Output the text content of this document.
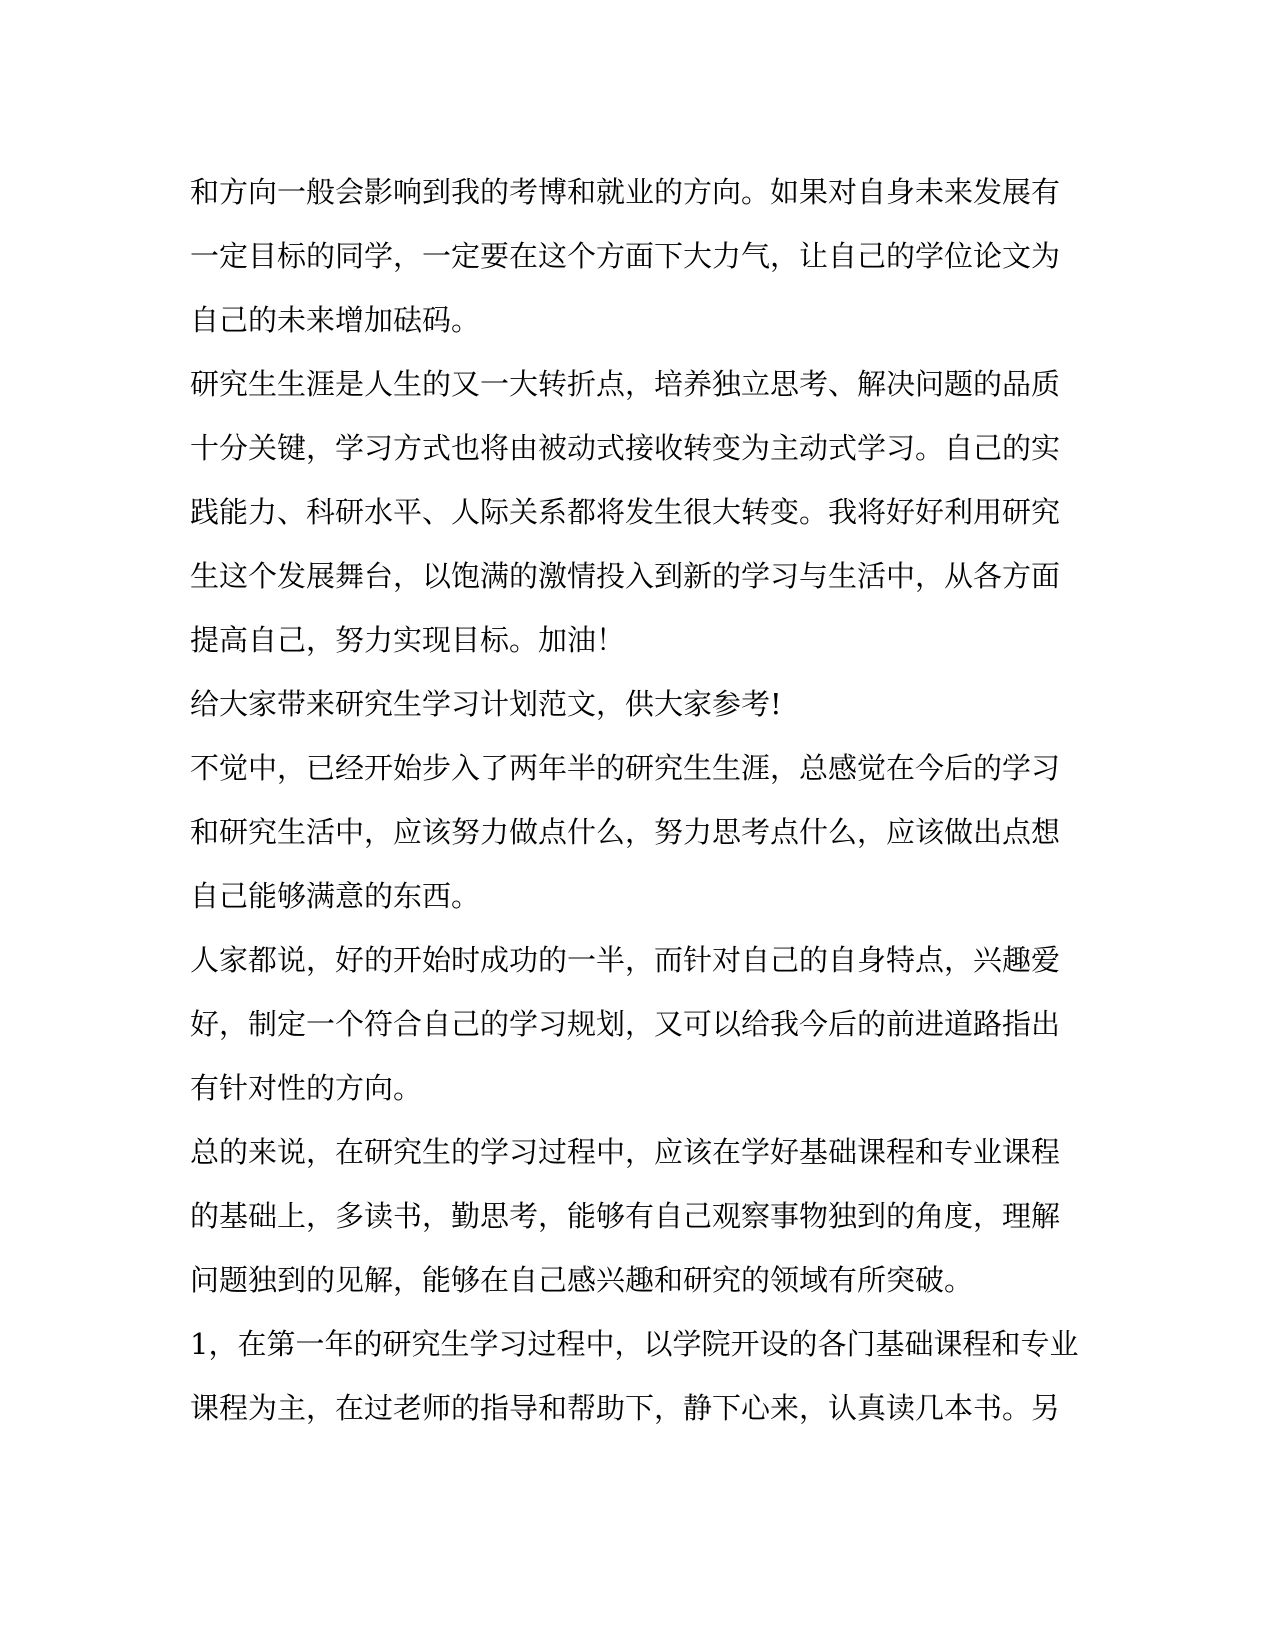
和方向一般会影响到我的考博和就业的方向。如果对自身未来发展有

一定目标的同学，一定要在这个方面下大力气，让自己的学位论文为

自己的未来增加砝码。

研究生生涯是人生的又一大转折点，培养独立思考、解决问题的品质

十分关键，学习方式也将由被动式接收转变为主动式学习。自己的实

践能力、科研水平、人际关系都将发生很大转变。我将好好利用研究

生这个发展舞台，以饱满的激情投入到新的学习与生活中，从各方面

提高自己，努力实现目标。加油！

给大家带来研究生学习计划范文，供大家参考!

不觉中，已经开始步入了两年半的研究生生涯，总感觉在今后的学习

和研究生活中，应该努力做点什么，努力思考点什么，应该做出点想

自己能够满意的东西。

人家都说，好的开始时成功的一半，而针对自己的自身特点，兴趣爱

好，制定一个符合自己的学习规划，又可以给我今后的前进道路指出

有针对性的方向。

总的来说，在研究生的学习过程中，应该在学好基础课程和专业课程

的基础上，多读书，勤思考，能够有自己观察事物独到的角度，理解

问题独到的见解，能够在自己感兴趣和研究的领域有所突破。

1，在第一年的研究生学习过程中，以学院开设的各门基础课程和专业

课程为主，在过老师的指导和帮助下，静下心来，认真读几本书。另
